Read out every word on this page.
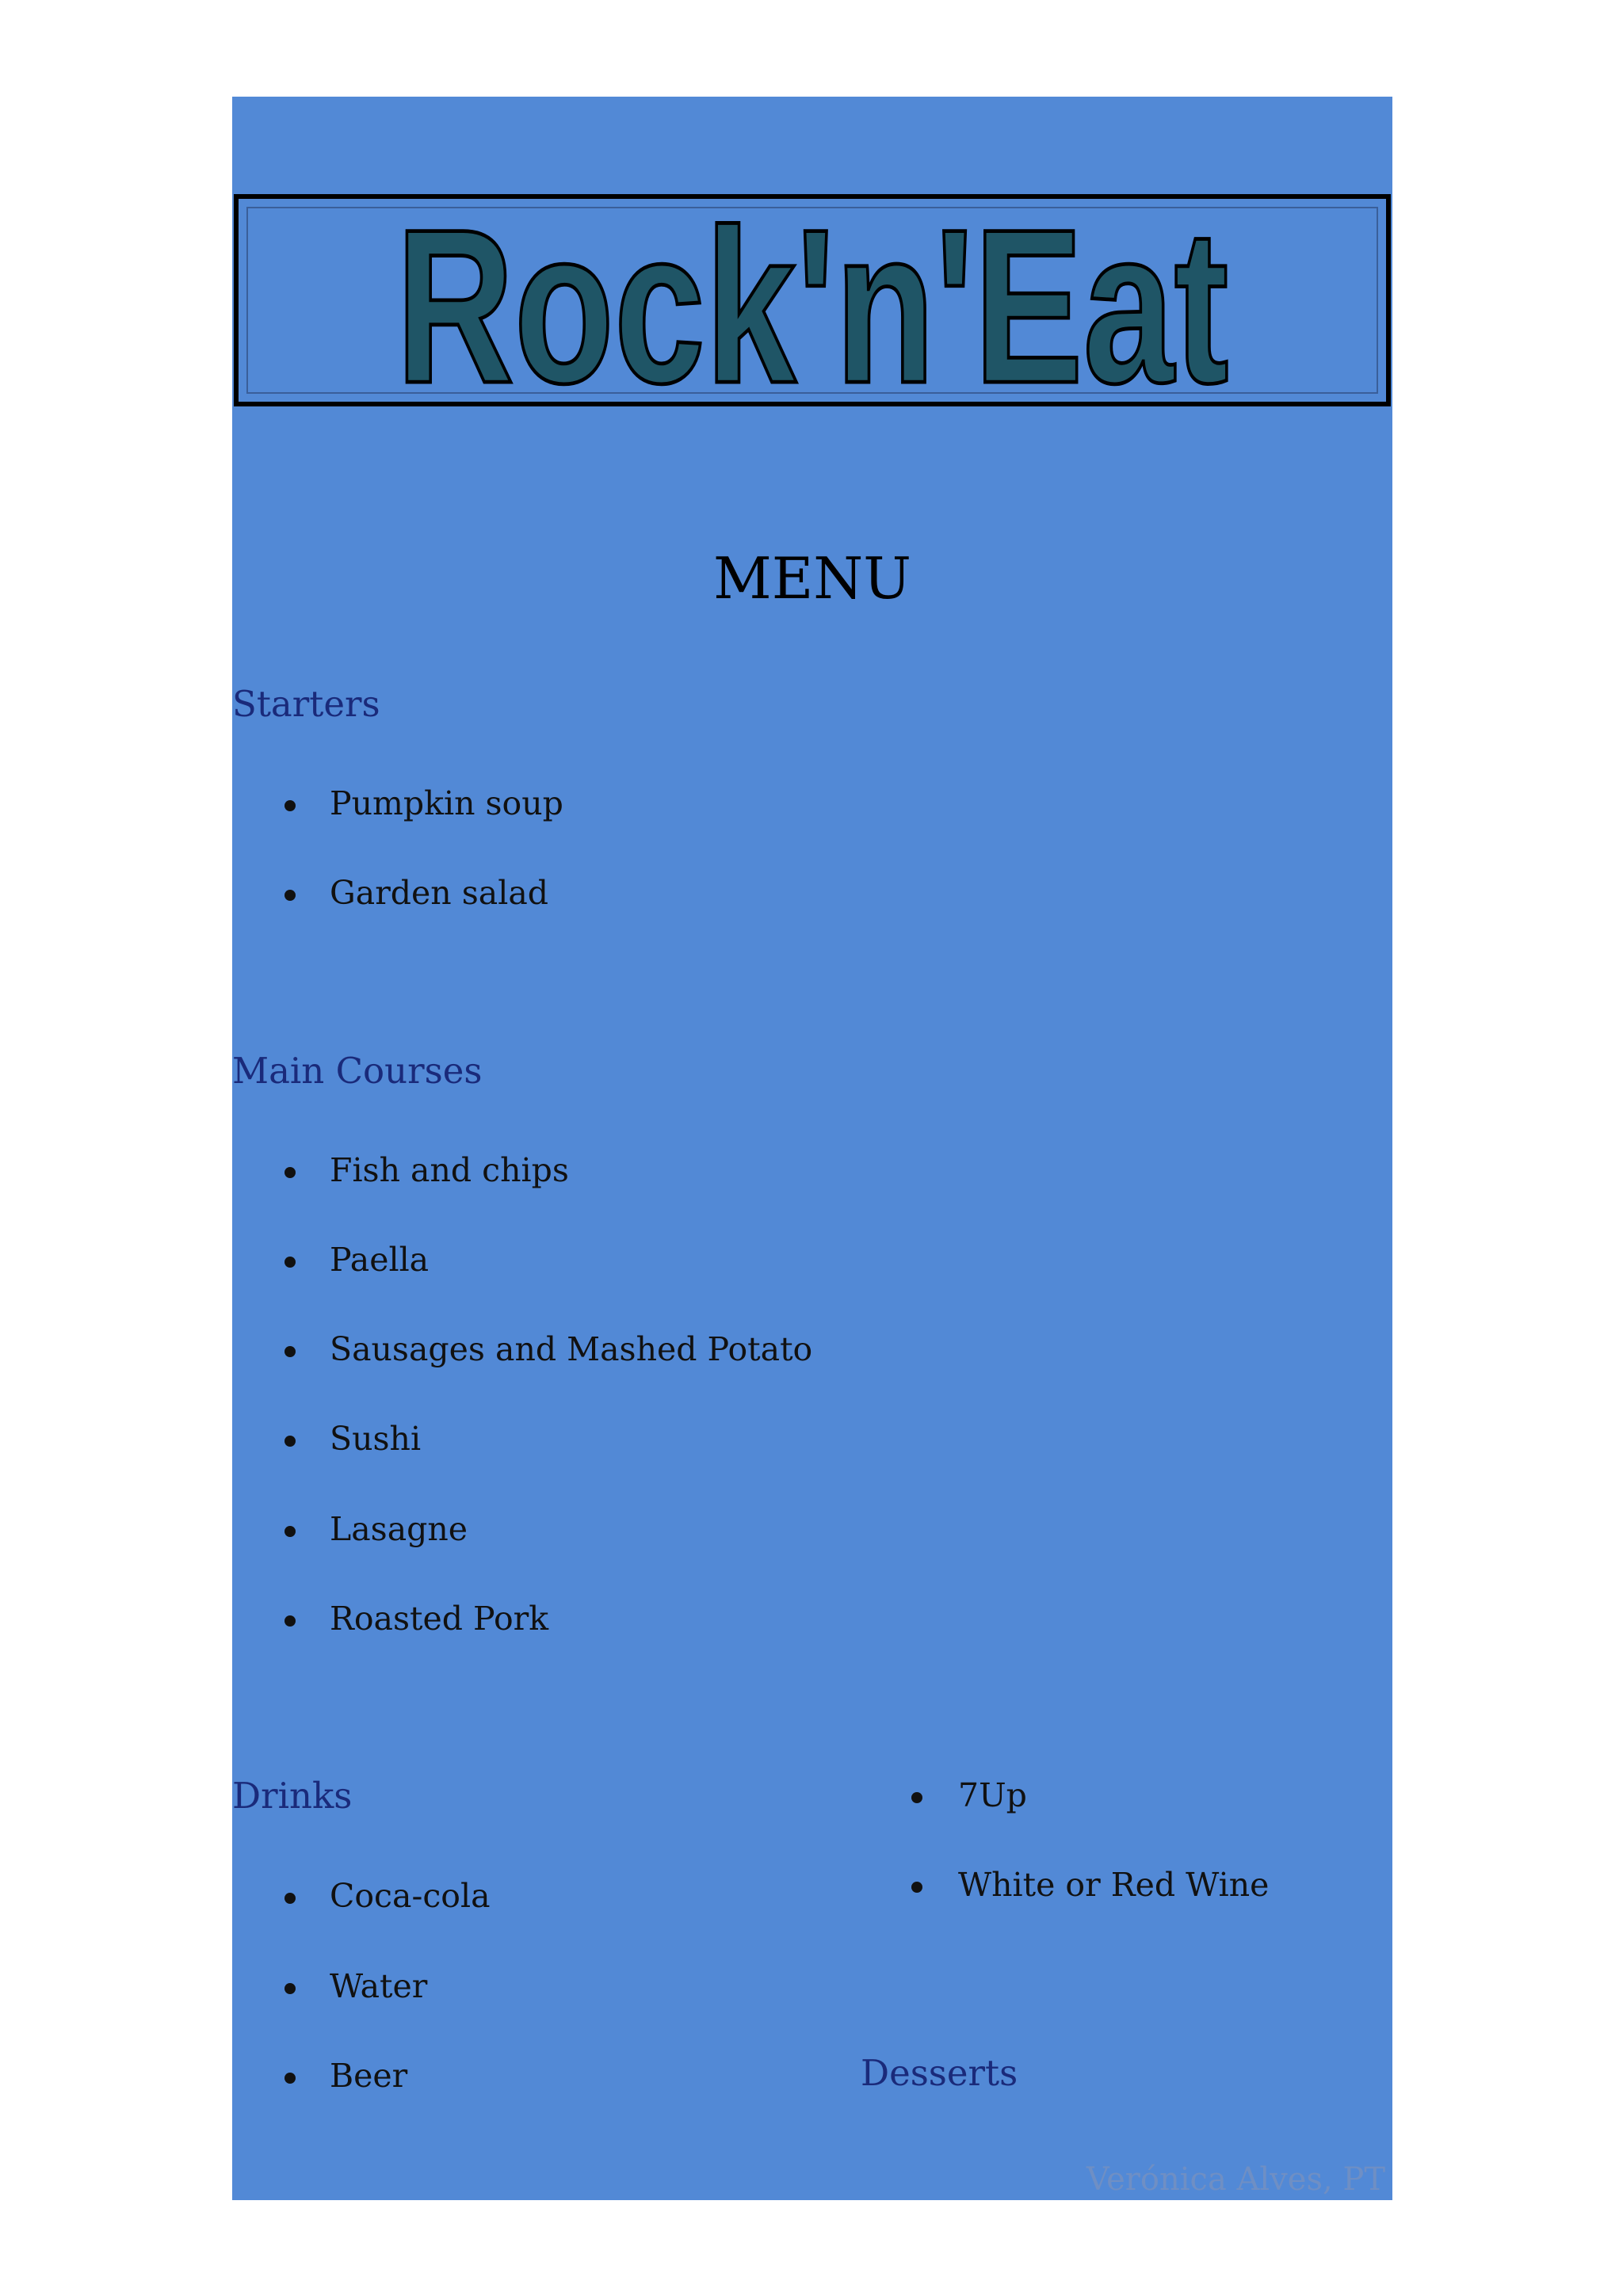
Rock'n'Eat
MENU
Starters
Pumpkin soup
Garden salad
Main Courses
Fish and chips
Paella
Sausages and Mashed Potato
Sushi
Lasagne
Roasted Pork
Drinks
Coca-cola
Water
Beer
7Up
White or Red Wine
Desserts
Verónica Alves, PT
